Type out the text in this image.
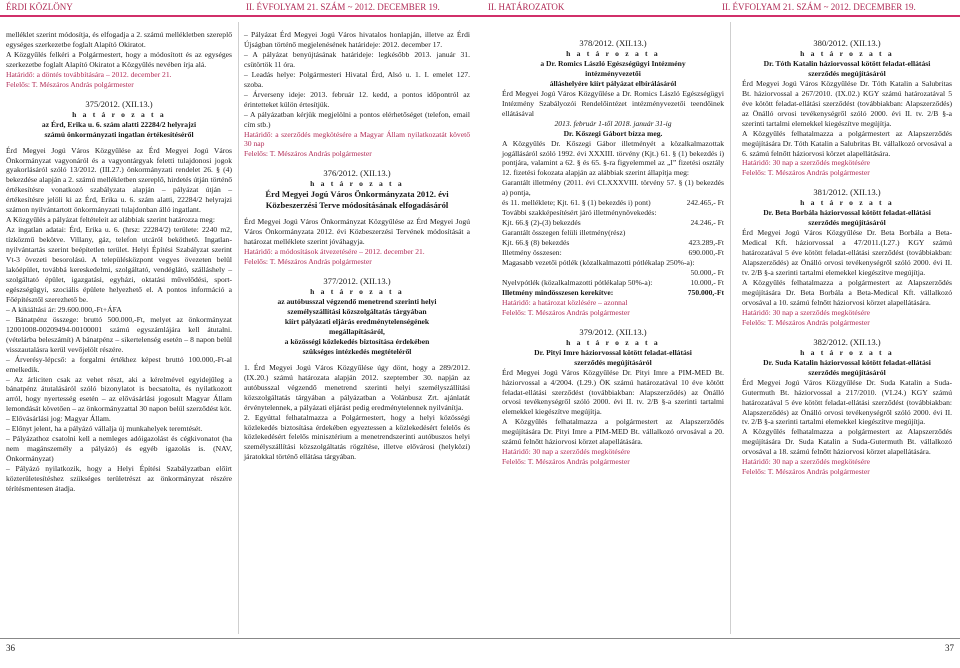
ÉRDI KÖZLÖNY	II. ÉVFOLYAM 21. SZÁM ~ 2012. DECEMBER 19.

melléklet szerint módosítja, és elfogadja a 2. számú mellékletben szereplő egységes szerkezetbe foglalt Alapító Okiratot.

A Közgyűlés felkéri a Polgármestert, hogy a módosított és az egységes szerkezetbe foglalt Alapító Okiratot a Közgyűlés nevében írja alá.

Határidő: a döntés továbbítására – 2012. december 21.

Felelős: T. Mészáros András polgármester

375/2012. (XII.13.)

h a t á r o z a t a

az Érd, Erika u. 6. szám alatti 22284/2 helyrajzi

számú önkormányzati ingatlan értékesítéséről

Érd Megyei Jogú Város Közgyűlése az Érd Megyei Jogú Város Önkormányzat vagyonáról és a vagyontárgyak feletti tulajdonosi jogok gyakorlásáról szóló 13/2012. (III.27.) önkormányzati rendelet 26. § (4) bekezdése alapján a 2. számú mellékletben szereplő, hirdetés útján történő értékesítésre vonatkozó szabályzata alapján – pályázat útján – értékesítésre jelöli ki az Érd, Erika u. 6. szám alatti, 22284/2 helyrajzi számon nyilvántartott önkormányzati tulajdonban álló ingatlant.

A Közgyűlés a pályázat feltételeit az alábbiak szerint határozza meg:

Az ingatlan adatai: Érd, Erika u. 6. (hrsz: 22284/2) területe: 2240 m2, tízközmű bekötve. Villany, gáz, telefon utcáról beköthető. Ingatlan-nyilvántartás szerint beépítetlen terület. Helyi Építési Szabályzat szerint Vt-3 övezeti besorolású. A településközpont vegyes övezeten belül lakóépület, továbbá kereskedelmi, szolgáltató, vendéglátó, szálláshely –szolgáltató épület, igazgatási, egyházi, oktatási művelődési, sport-egészségügyi, szociális épülete helyezhető el. A pontos információ a Főépítésztől szerezhető be.

– A kikiáltási ár: 29.600.000,-Ft+ÁFA

– Bánatpénz összege: bruttó 500.000,-Ft, melyet az önkormányzat 12001008-00209494-00100001 számú egyszámlájára kell átutalni. (vételárba beleszámít) A bánatpénz – sikertelenség esetén – 8 napon belül visszautalásra kerül vevőjelölt részére.

– Árverésy-lépcső: a forgalmi értékhez képest bruttó 100.000,-Ft-al emelkedik.

– Az árliciten csak az vehet részt, aki a kérelmével egyidejűleg a bánatpénz átutalásáról szóló bizonylatot is becsatolta, és nyilatkozott arról, hogy nyertesség esetén – az elővásárlási jogosult Magyar Állam lemondását követően – az önkormányzattal 30 napon belül szerződést köt.

– Elővásárlási jog: Magyar Állam.

– Előnyt jelent, ha a pályázó vállalja új munkahelyek teremtését.

– Pályázathoz csatolni kell a nemleges adóigazolást és cégkivonatot (ha nem magánszemély a pályázó) és egyéb igazolás is. (NAV, Önkormányzat)

– Pályázó nyilatkozik, hogy a Helyi Építési Szabályzatban előírt közterületesítéshez szükséges területrészt az önkormányzat részére térítésmentesen átadja.

– Pályázat Érd Megyei Jogú Város hivatalos honlapján, illetve az Érdi Újságban történő megjelenésének határideje: 2012. december 17.

– A pályázat benyújtásának határideje: legkésőbb 2013. január 31. csütörtök 11 óra.

– Leadás helye: Polgármesteri Hivatal Érd, Alsó u. 1. I. emelet 127. szoba.

– Árverseny ideje: 2013. február 12. kedd, a pontos időpontról az érintetteket külön értesítjük.

– A pályázatban kérjük megjelölni a pontos elérhetőséget (telefon, email cím stb.)

Határidő: a szerződés megkötésére a Magyar Állam nyilatkozatát követő 30 nap

Felelős: T. Mészáros András polgármester

376/2012. (XII.13.)

h a t á r o z a t a

Érd Megyei Jogú Város Önkormányzata 2012. évi

Közbeszerzési Terve módosításának elfogadásáról

Érd Megyei Jogú Város Önkormányzat Közgyűlése az Érd Megyei Jogú Város Önkormányzata 2012. évi Közbeszerzési Tervének módosítását a határozat melléklete szerint jóváhagyja.

Határidő: a módosítások átvezetésére – 2012. december 21.

Felelős: T. Mészáros András polgármester

377/2012. (XII.13.)

h a t á r o z a t a

az autóbusszal végzendő menetrend szerinti helyi

személyszállítási közszolgáltatás tárgyában

kiírt pályázati eljárás eredménytelenségének

megállapításáról,

a közösségi közlekedés biztosítása érdekében

szükséges intézkedés megtételéről

1. Érd Megyei Jogú Város Közgyűlése úgy dönt, hogy a 289/2012.(IX.20.) számú határozata alapján 2012. szeptember 30. napján az autóbusszal végzendő menetrend szerinti helyi személyszállítási közszolgáltatás tárgyában a pályázatban a Volánbusz Zrt. ajánlatát érvénytelennek, a pályázati eljárást pedig eredménytelennek nyilvánítja.

2. Egyúttal felhatalmazza a Polgármestert, hogy a helyi közösségi közlekedés biztosítása érdekében egyeztessen a közlekedésért felelős és közlekedésért felelős minisztérium a menetrendszerinti autóbuszos helyi személyszállítási közszolgáltatás rögzítése, illetve elővárosi (helyközi) járatokkal történő ellátása tárgyában.

36
II. HATÁROZATOK	II. ÉVFOLYAM 21. SZÁM ~ 2012. DECEMBER 19.

378/2012. (XII.13.)

h a t á r o z a t a

a Dr. Romics László Egészségügyi Intézmény

intézményvezetői

álláshelyére kiírt pályázat elbírálásáról

Érd Megyei Jogú Város Közgyűlése a Dr. Romics László Egészségügyi Intézmény Szabályozói Rendelőintézet intézményvezetői teendőinek ellátásával

2013. február 1-től 2018. január 31-ig

Dr. Kőszegi Gábort bízza meg.

A Közgyűlés Dr. Kőszegi Gábor illetményét a közalkalmazottak jogállásáról szóló 1992. évi XXXIII. törvény (Kjt.) 61. § (1) bekezdés i) pontjára, valamint a 62. § és 65. §-ra figyelemmel az „I” fizetési osztály 12. fizetési fokozata alapján az alábbiak szerint állapítja meg:

Garantált illetmény (2011. évi CLXXXVIII. törvény 57. § (1) bekezdés a) pontja,

és 11. melléklete; Kjt. 61. § (1) bekezdés i) pont)	242.465,- Ft

További szakképesítésért járó illetménynövekedés:

Kjt. 66.§ (2)-(3) bekezdés	24.246,- Ft

Garantált összegen felüli illetmény(rész)

Kjt. 66.§ (8) bekezdés	423.289,-Ft

Illetmény összesen:	690.000,-Ft

Magasabb vezetői pótlék (közalkalmazotti pótlékalap 250%-a):

50.000,- Ft

Nyelvpótlék (közalkalmazotti pótlékalap 50%-a):	10.000,- Ft

Illetmény mindösszesen kerekítve:	750.000,-Ft

Határidő: a határozat közlésére – azonnal

Felelős: T. Mészáros András polgármester

379/2012. (XII.13.)

h a t á r o z a t a

Dr. Pityi Imre háziorvossal kötött feladat-ellátási

szerződés megújításáról

Érd Megyei Jogú Város Közgyűlése Dr. Pityi Imre a PIM-MED Bt. háziorvossal a 4/2004. (I.29.) ÖK számú határozatával 10 éve kötött feladat-ellátási szerződést (továbbiakban: Alapszerződés) az Önálló orvosi tevékenységről szóló 2000. évi II. tv. 2/B §-a szerinti tartalmi elemekkel kiegészítve megújítja.

A Közgyűlés felhatalmazza a polgármestert az Alapszerződés megújítására Dr. Pityi Imre a PIM-MED Bt. vállalkozó orvosával a 20. számú felnőtt háziorvosi körzet alapellátására.

Határidő: 30 nap a szerződés megkötésére

Felelős: T. Mészáros András polgármester

380/2012. (XII.13.)

h a t á r o z a t a

Dr. Tóth Katalin háziorvossal kötött feladat-ellátási

szerződés megújításáról

Érd Megyei Jogú Város Közgyűlése Dr. Tóth Katalin a Salubritas Bt. háziorvossal a 267/2010. (IX.02.) KGY számú határozatával 5 éve kötött feladat-ellátási szerződést (továbbiakban: Alapszerződés) az Önálló orvosi tevékenységről szóló 2000. évi II. tv. 2/B §-a szerinti tartalmi elemekkel kiegészítve megújítja.

A Közgyűlés felhatalmazza a polgármestert az Alapszerződés megújítására Dr. Tóth Katalin a Salubritas Bt. vállalkozó orvosával a 6. számú felnőtt háziorvosi körzet alapellátására.

Határidő: 30 nap a szerződés megkötésére

Felelős: T. Mészáros András polgármester

381/2012. (XII.13.)

h a t á r o z a t a

Dr. Beta Borbála háziorvossal kötött feladat-ellátási

szerződés megújításáról

Érd Megyei Jogú Város Közgyűlése Dr. Beta Borbála a Beta-Medical Kft. háziorvossal a 47/2011.(I.27.) KGY számú határozatával 5 éve kötött feladat-ellátási szerződést (továbbiakban: Alapszerződés) az Önálló orvosi tevékenységről szóló 2000. évi II. tv. 2/B §-a szerinti tartalmi elemekkel kiegészítve megújítja.

A Közgyűlés felhatalmazza a polgármestert az Alapszerződés megújítására Dr. Beta Borbála a Beta-Medical Kft. vállalkozó orvosával a 10. számú felnőtt háziorvosi körzet alapellátására.

Határidő: 30 nap a szerződés megkötésére

Felelős: T. Mészáros András polgármester

382/2012. (XII.13.)

h a t á r o z a t a

Dr. Suda Katalin háziorvossal kötött feladat-ellátási

szerződés megújításáról

Érd Megyei Jogú Város Közgyűlése Dr. Suda Katalin a Suda-Gutermuth Bt. háziorvossal a 217/2010. (VI.24.) KGY számú határozatával 5 éve kötött feladat-ellátási szerződést (továbbiakban: Alapszerződés) az Önálló orvosi tevékenységről szóló 2000. évi II. tv. 2/B §-a szerinti tartalmi elemekkel kiegészítve megújítja.

A Közgyűlés felhatalmazza a polgármestert az Alapszerződés megújítására Dr. Suda Katalin a Suda-Gutermuth Bt. vállalkozó orvosával a 18. számú felnőtt háziorvosi körzet alapellátására.

Határidő: 30 nap a szerződés megkötésére

Felelős: T. Mészáros András polgármester

37
